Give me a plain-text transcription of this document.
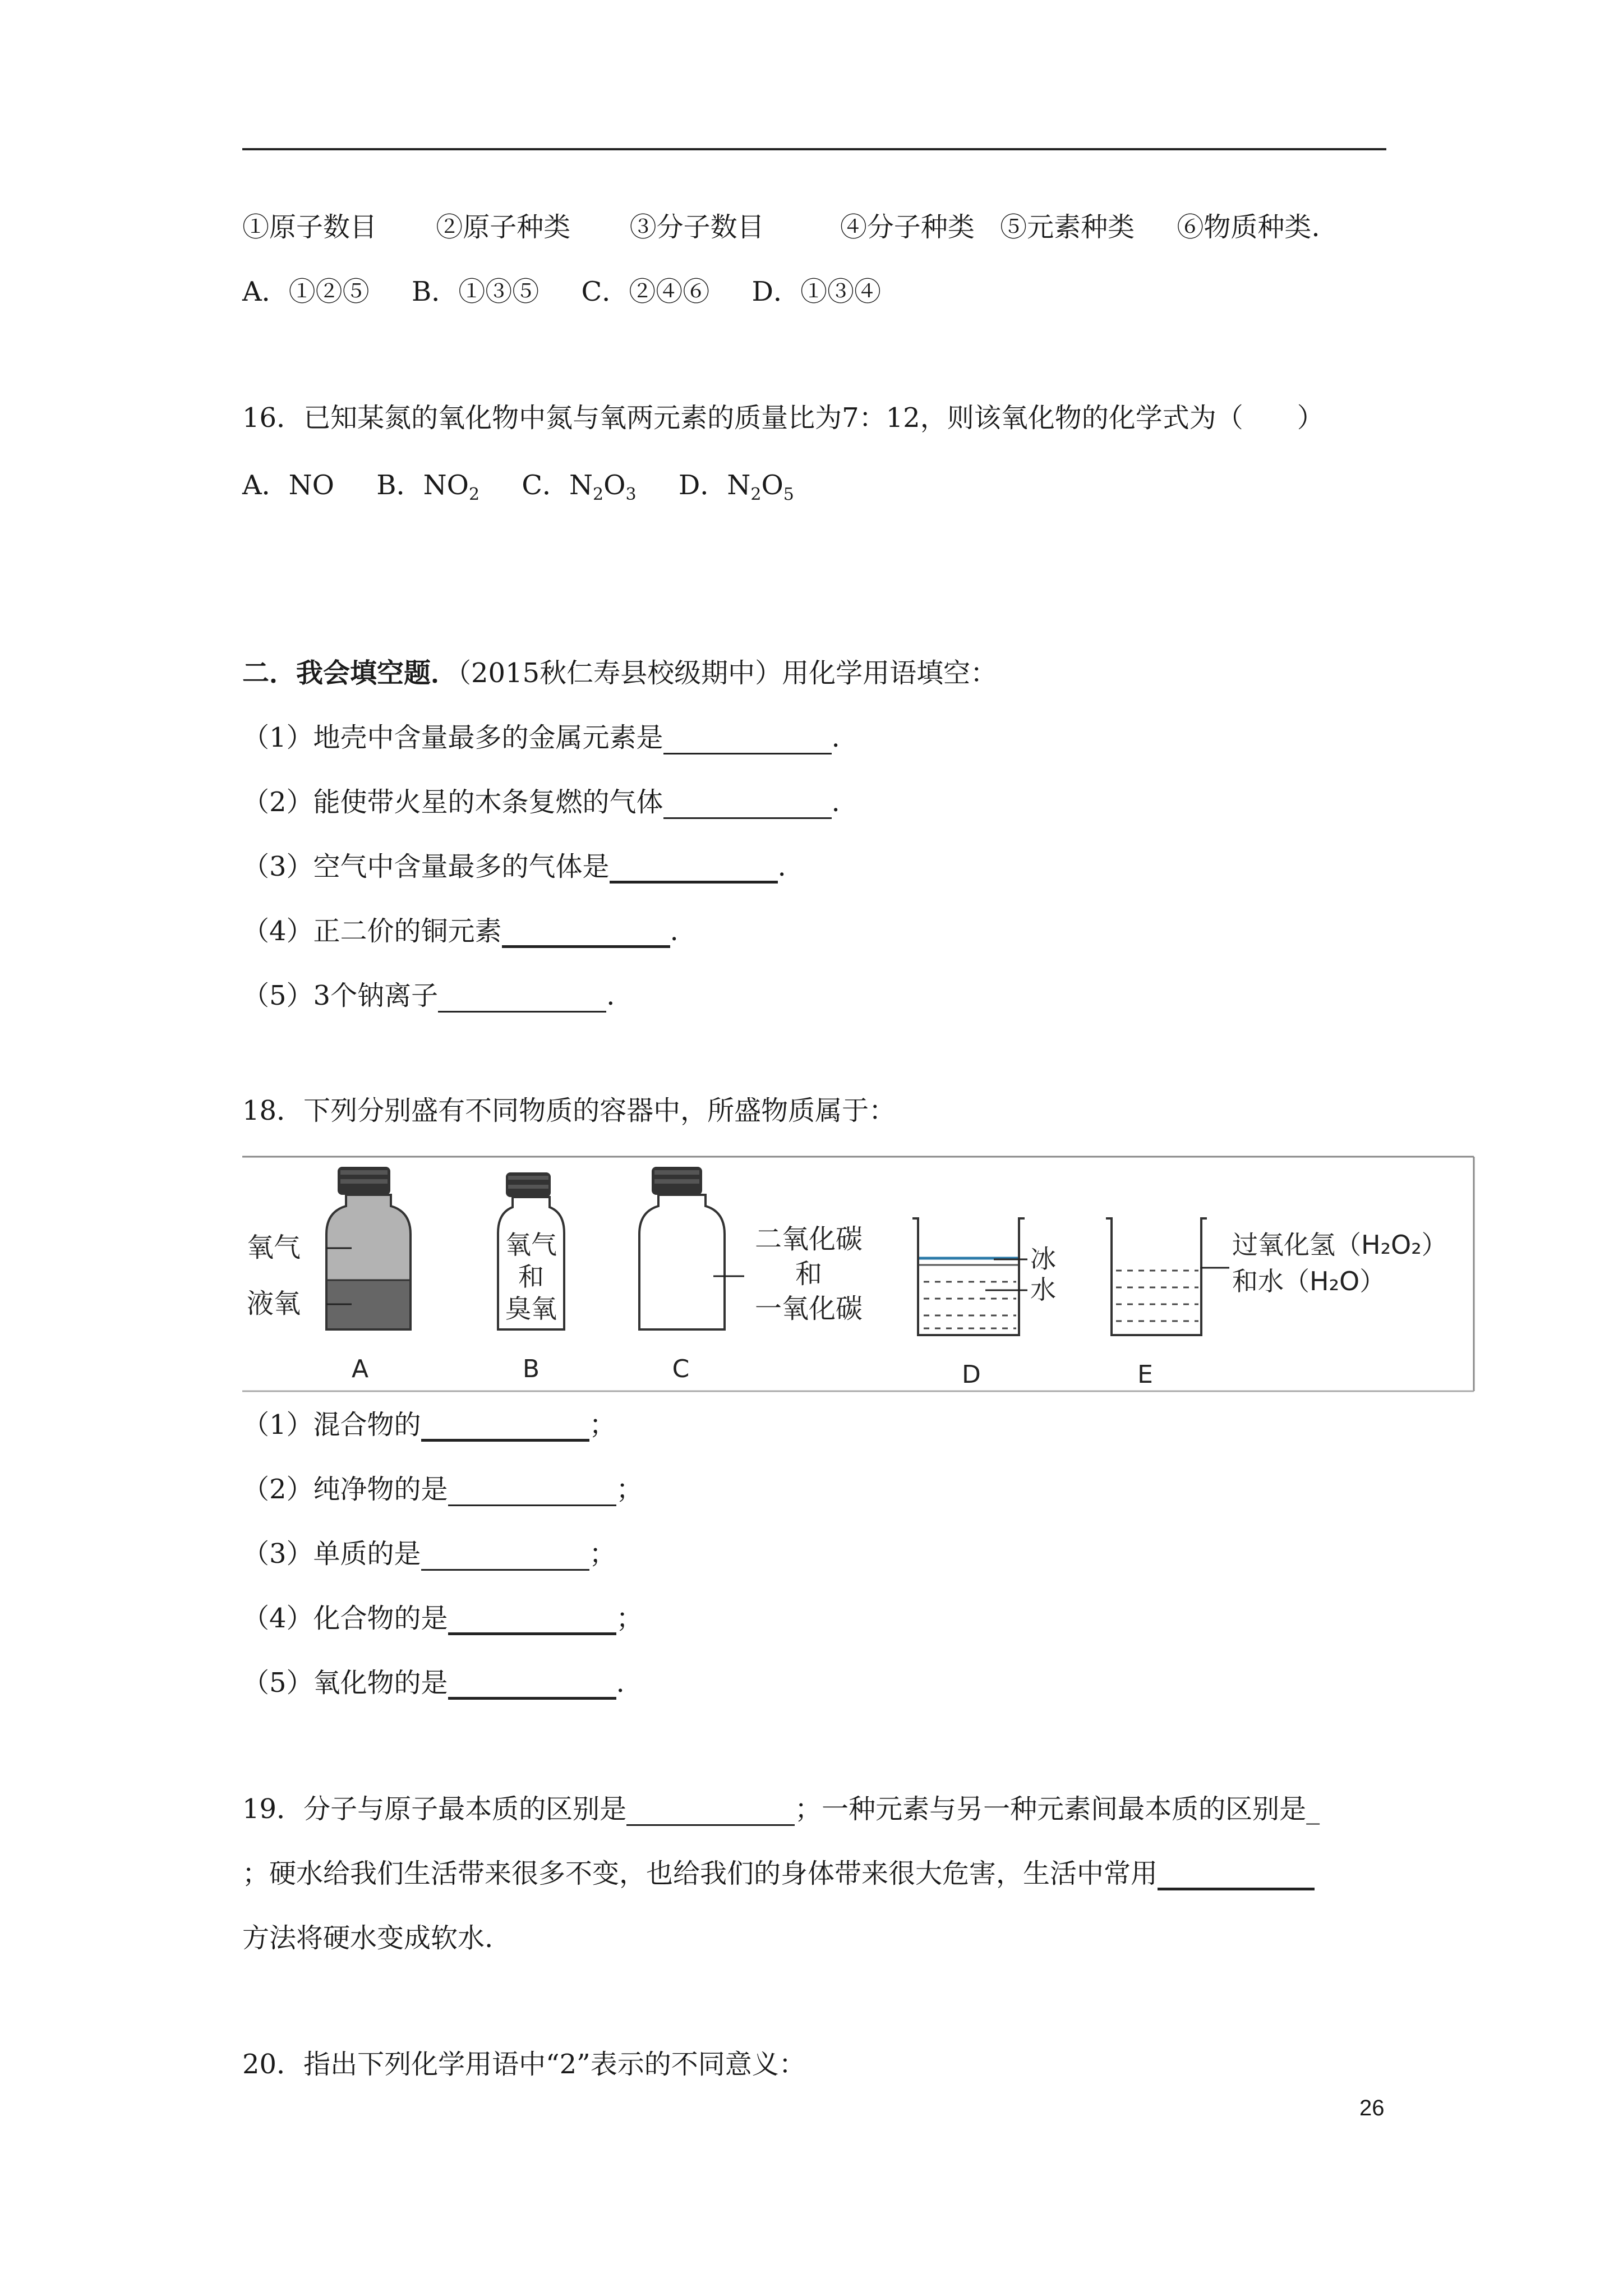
①原子数目 ②原子种类 ③分子数目	④分子种类 ⑤元素种类 ⑥物质种类.
A．①②⑤ B．①③⑤ C．②④⑥ D．①③④
16．已知某氮的氧化物中氮与氧两元素的质量比为7：12，则该氧化物的化学式为（　　）
A．NO B．$NO_2$ C．$N_2O_3$ D．$N_2O_5$
二．我会填空题．（2015秋仁寿县校级期中）用化学用语填空：
（1）地壳中含量最多的金属元素是	.
（2）能使带火星的木条复燃的气体	.
（3）空气中含量最多的气体是	.
（4）正二价的铜元素	.
（5）3个钠离子	.
18．下列分别盛有不同物质的容器中，所盛物质属于：
氧气
液氧
A
氧气
和
臭氧
B
二氧化碳
和
一氧化碳
C
冰
水
D
过氧化氢（H₂O₂）
和水（H₂O）
E
（1）混合物的	；
（2）纯净物的是	；
（3）单质的是	；
（4）化合物的是	；
（5）氧化物的是	.
19．分子与原子最本质的区别是	；一种元素与另一种元素间最本质的区别是_
；硬水给我们生活带来很多不变，也给我们的身体带来很大危害，生活中常用
方法将硬水变成软水.
20．指出下列化学用语中“2”表示的不同意义：
26
